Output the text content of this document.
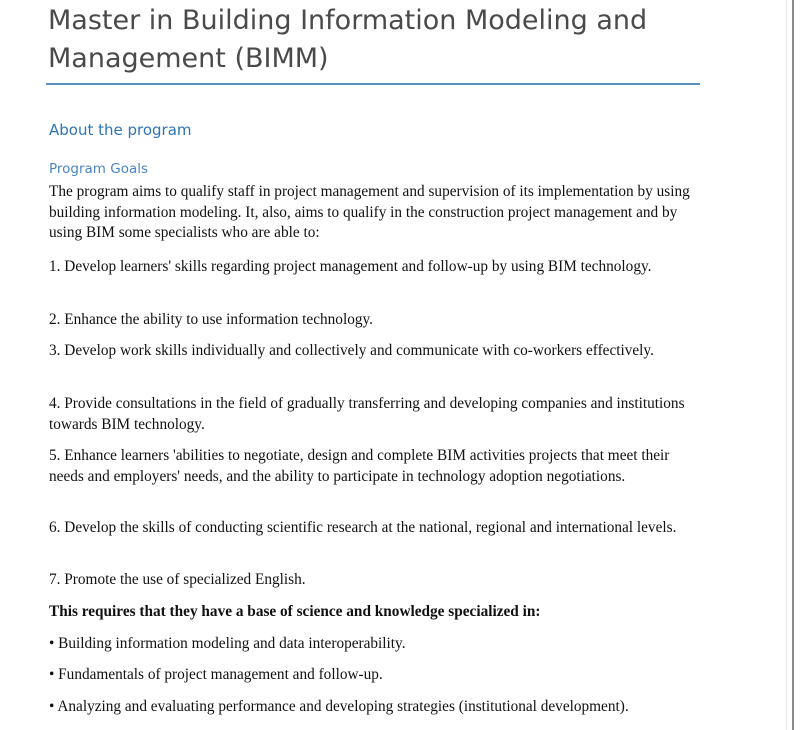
Master in Building Information Modeling and Management (BIMM)
About the program
Program Goals

The program aims to qualify staff in project management and supervision of its implementation by using building information modeling. It, also, aims to qualify in the construction project management and by using BIM some specialists who are able to:

1. Develop learners' skills regarding project management and follow-up by using BIM technology.

2. Enhance the ability to use information technology.

3. Develop work skills individually and collectively and communicate with co-workers effectively.

4. Provide consultations in the field of gradually transferring and developing companies and institutions towards BIM technology.

5. Enhance learners 'abilities to negotiate, design and complete BIM activities projects that meet their needs and employers' needs, and the ability to participate in technology adoption negotiations.

6. Develop the skills of conducting scientific research at the national, regional and international levels.

7. Promote the use of specialized English.

This requires that they have a base of science and knowledge specialized in:

• Building information modeling and data interoperability.

• Fundamentals of project management and follow-up.

• Analyzing and evaluating performance and developing strategies (institutional development).
